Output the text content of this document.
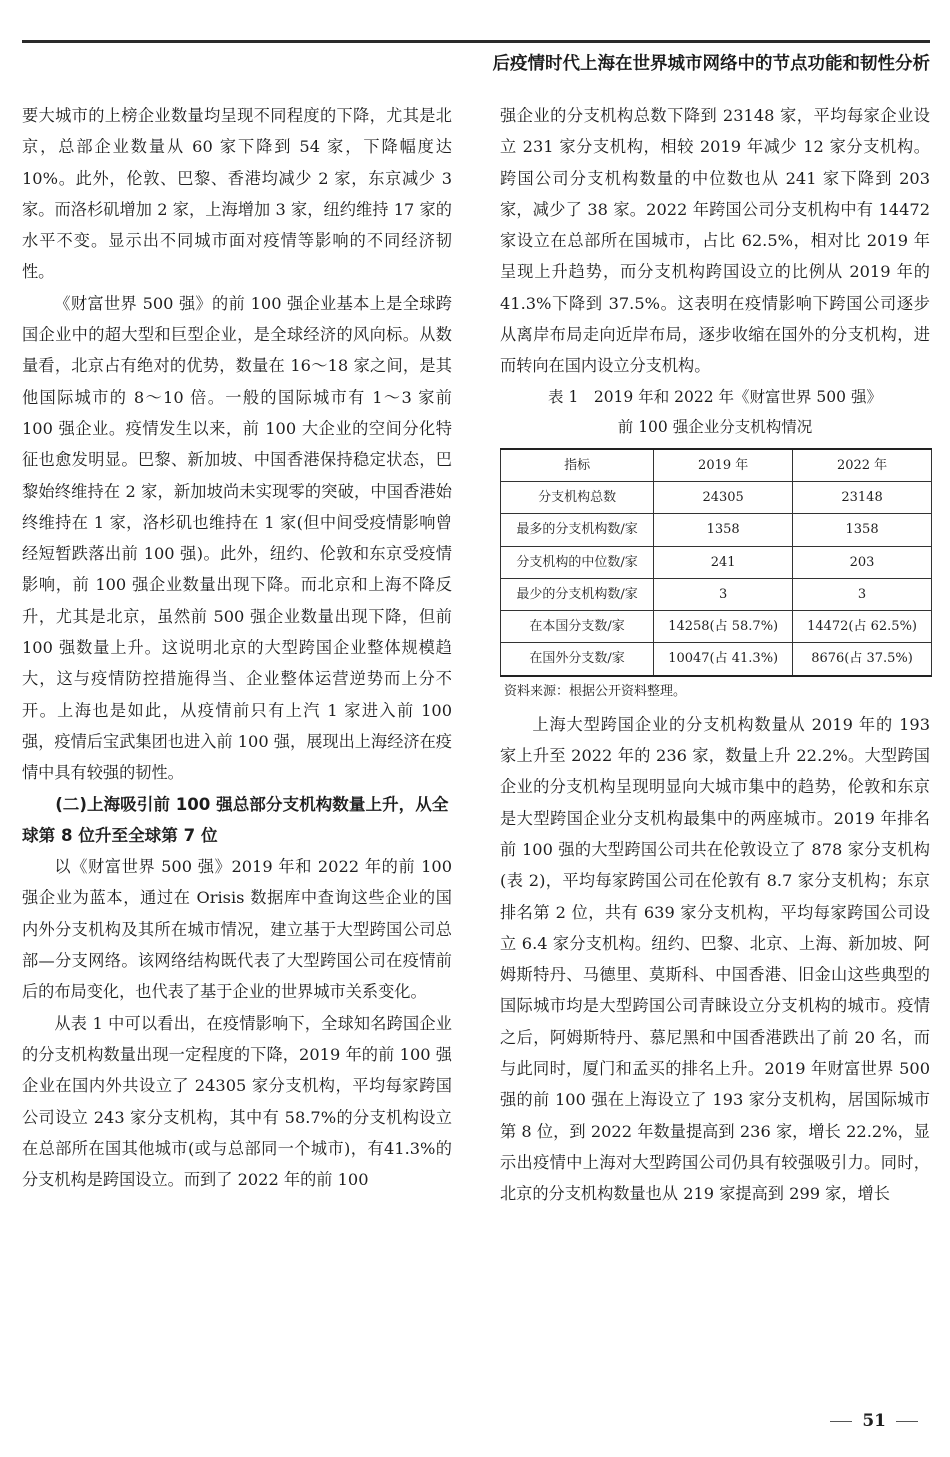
后疫情时代上海在世界城市网络中的节点功能和韧性分析

要大城市的上榜企业数量均呈现不同程度的下降，尤其是北京，总部企业数量从 60 家下降到 54 家，下降幅度达 10%。此外，伦敦、巴黎、香港均减少 2 家，东京减少 3 家。而洛杉矶增加 2 家，上海增加 3 家，纽约维持 17 家的水平不变。显示出不同城市面对疫情等影响的不同经济韧性。

《财富世界 500 强》的前 100 强企业基本上是全球跨国企业中的超大型和巨型企业，是全球经济的风向标。从数量看，北京占有绝对的优势，数量在 16～18 家之间，是其他国际城市的 8～10 倍。一般的国际城市有 1～3 家前 100 强企业。疫情发生以来，前 100 大企业的空间分化特征也愈发明显。巴黎、新加坡、中国香港保持稳定状态，巴黎始终维持在 2 家，新加坡尚未实现零的突破，中国香港始终维持在 1 家，洛杉矶也维持在 1 家(但中间受疫情影响曾经短暂跌落出前 100 强)。此外，纽约、伦敦和东京受疫情影响，前 100 强企业数量出现下降。而北京和上海不降反升，尤其是北京，虽然前 500 强企业数量出现下降，但前 100 强数量上升。这说明北京的大型跨国企业整体规模趋大，这与疫情防控措施得当、企业整体运营逆势而上分不开。上海也是如此，从疫情前只有上汽 1 家进入前 100 强，疫情后宝武集团也进入前 100 强，展现出上海经济在疫情中具有较强的韧性。

(二)上海吸引前 100 强总部分支机构数量上升，从全球第 8 位升至全球第 7 位

以《财富世界 500 强》2019 年和 2022 年的前 100 强企业为蓝本，通过在 Orisis 数据库中查询这些企业的国内外分支机构及其所在城市情况，建立基于大型跨国公司总部—分支网络。该网络结构既代表了大型跨国公司在疫情前后的布局变化，也代表了基于企业的世界城市关系变化。

从表 1 中可以看出，在疫情影响下，全球知名跨国企业的分支机构数量出现一定程度的下降，2019 年的前 100 强企业在国内外共设立了 24305 家分支机构，平均每家跨国公司设立 243 家分支机构，其中有 58.7%的分支机构设立在总部所在国其他城市(或与总部同一个城市)，有41.3%的分支机构是跨国设立。而到了 2022 年的前 100

强企业的分支机构总数下降到 23148 家，平均每家企业设立 231 家分支机构，相较 2019 年减少 12 家分支机构。跨国公司分支机构数量的中位数也从 241 家下降到 203 家，减少了 38 家。2022 年跨国公司分支机构中有 14472 家设立在总部所在国城市，占比 62.5%，相对比 2019 年呈现上升趋势，而分支机构跨国设立的比例从 2019 年的 41.3%下降到 37.5%。这表明在疫情影响下跨国公司逐步从离岸布局走向近岸布局，逐步收缩在国外的分支机构，进而转向在国内设立分支机构。

表 1　2019 年和 2022 年《财富世界 500 强》
前 100 强企业分支机构情况
指标	2019 年	2022 年
分支机构总数	24305	23148
最多的分支机构数/家	1358	1358
分支机构的中位数/家	241	203
最少的分支机构数/家	3	3
在本国分支数/家	14258(占 58.7%)	14472(占 62.5%)
在国外分支数/家	10047(占 41.3%)	8676(占 37.5%)
资料来源：根据公开资料整理。

上海大型跨国企业的分支机构数量从 2019 年的 193 家上升至 2022 年的 236 家，数量上升 22.2%。大型跨国企业的分支机构呈现明显向大城市集中的趋势，伦敦和东京是大型跨国企业分支机构最集中的两座城市。2019 年排名前 100 强的大型跨国公司共在伦敦设立了 878 家分支机构(表 2)，平均每家跨国公司在伦敦有 8.7 家分支机构；东京排名第 2 位，共有 639 家分支机构，平均每家跨国公司设立 6.4 家分支机构。纽约、巴黎、北京、上海、新加坡、阿姆斯特丹、马德里、莫斯科、中国香港、旧金山这些典型的国际城市均是大型跨国公司青睐设立分支机构的城市。疫情之后，阿姆斯特丹、慕尼黑和中国香港跌出了前 20 名，而与此同时，厦门和孟买的排名上升。2019 年财富世界 500 强的前 100 强在上海设立了 193 家分支机构，居国际城市第 8 位，到 2022 年数量提高到 236 家，增长 22.2%，显示出疫情中上海对大型跨国公司仍具有较强吸引力。同时，北京的分支机构数量也从 219 家提高到 299 家，增长

51
